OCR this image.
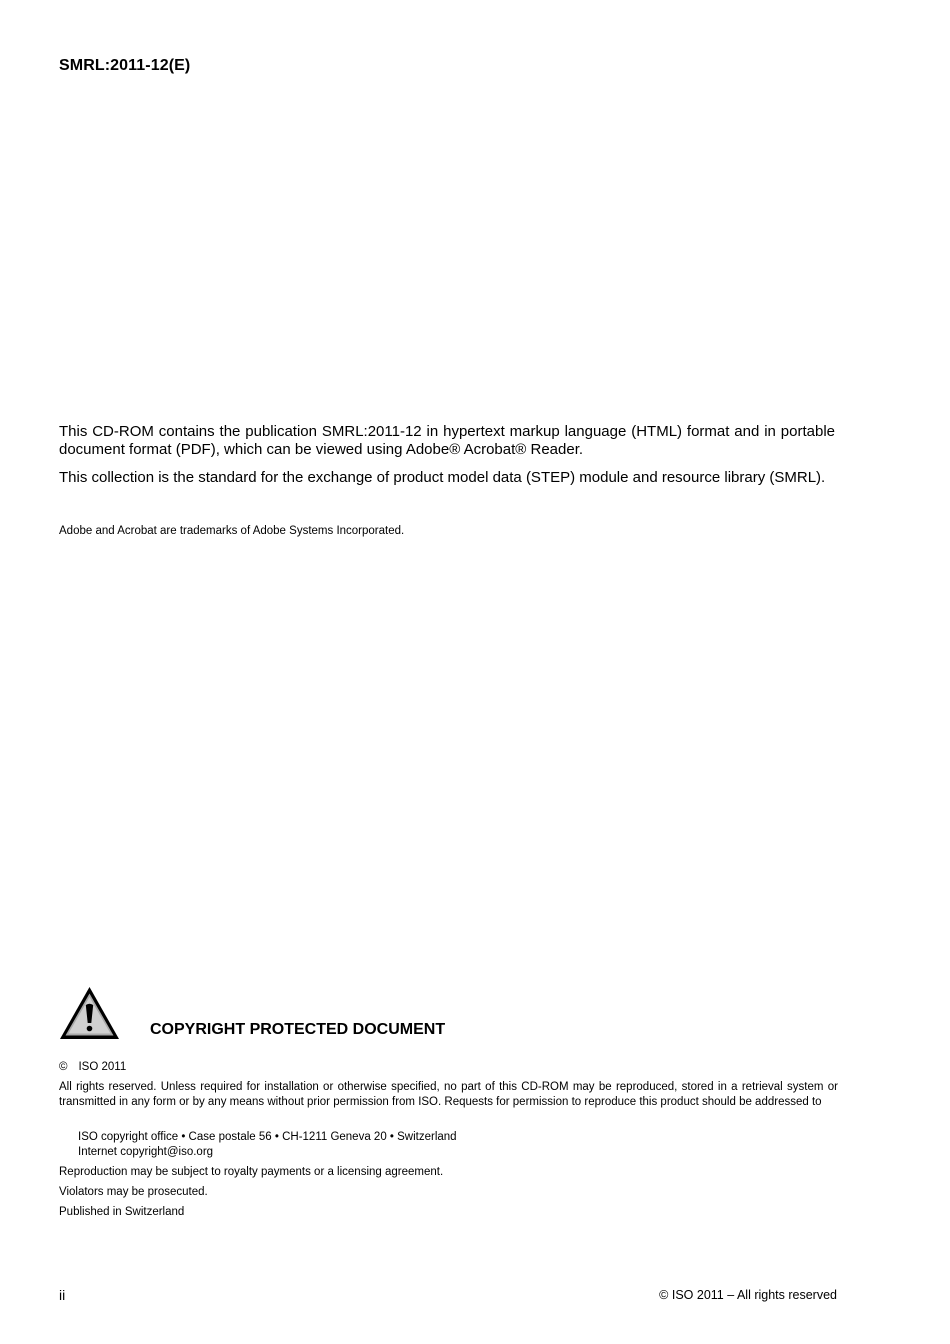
SMRL:2011-12(E)

This CD-ROM contains the publication SMRL:2011-12 in hypertext markup language (HTML) format and in portable document format (PDF), which can be viewed using Adobe® Acrobat® Reader.

This collection is the standard for the exchange of product model data (STEP) module and resource library (SMRL).

Adobe and Acrobat are trademarks of Adobe Systems Incorporated.
COPYRIGHT PROTECTED DOCUMENT
© ISO 2011
All rights reserved. Unless required for installation or otherwise specified, no part of this CD-ROM may be reproduced, stored in a retrieval system or transmitted in any form or by any means without prior permission from ISO. Requests for permission to reproduce this product should be addressed to
ISO copyright office • Case postale 56 • CH-1211 Geneva 20 • Switzerland
Internet copyright@iso.org
Reproduction may be subject to royalty payments or a licensing agreement.
Violators may be prosecuted.
Published in Switzerland
ii	© ISO 2011 – All rights reserved
